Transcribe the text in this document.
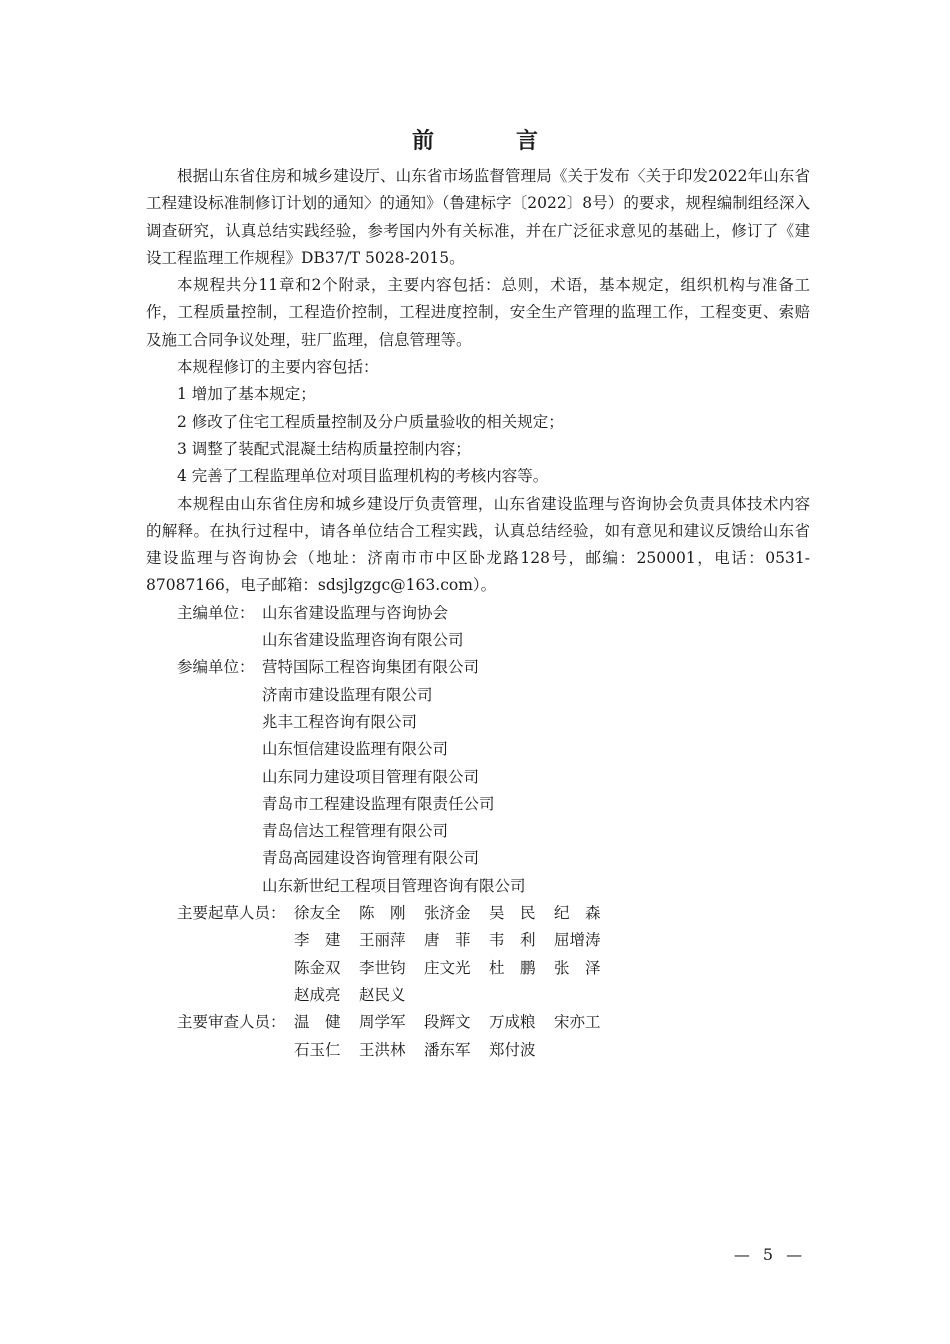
前　言

根据山东省住房和城乡建设厅、山东省市场监督管理局《关于发布〈关于印发2022年山东省工程建设标准制修订计划的通知〉的通知》（鲁建标字〔2022〕8号）的要求，规程编制组经深入调查研究，认真总结实践经验，参考国内外有关标准，并在广泛征求意见的基础上，修订了《建设工程监理工作规程》DB37/T 5028-2015。

本规程共分11章和2个附录，主要内容包括：总则，术语，基本规定，组织机构与准备工作，工程质量控制，工程造价控制，工程进度控制，安全生产管理的监理工作，工程变更、索赔及施工合同争议处理，驻厂监理，信息管理等。

本规程修订的主要内容包括：

1 增加了基本规定；

2 修改了住宅工程质量控制及分户质量验收的相关规定；

3 调整了装配式混凝土结构质量控制内容；

4 完善了工程监理单位对项目监理机构的考核内容等。

本规程由山东省住房和城乡建设厅负责管理，山东省建设监理与咨询协会负责具体技术内容的解释。在执行过程中，请各单位结合工程实践，认真总结经验，如有意见和建议反馈给山东省建设监理与咨询协会（地址：济南市市中区卧龙路128号，邮编：250001，电话：0531-87087166，电子邮箱：sdsjlgzgc@163.com）。

主编单位： 山东省建设监理与咨询协会

山东省建设监理咨询有限公司

参编单位： 营特国际工程咨询集团有限公司

济南市建设监理有限公司

兆丰工程咨询有限公司

山东恒信建设监理有限公司

山东同力建设项目管理有限公司

青岛市工程建设监理有限责任公司

青岛信达工程管理有限公司

青岛高园建设咨询管理有限公司

山东新世纪工程项目管理咨询有限公司

主要起草人员： 徐友全	陈　刚	张济金	吴　民	纪　森
李　建	王丽萍	唐　菲	韦　利	屈增涛
陈金双	李世钧	庄文光	杜　鹏	张　泽
赵成亮	赵民义
主要审查人员： 温　健	周学军	段辉文	万成粮	宋亦工
石玉仁	王洪林	潘东军	郑付波
— 5 —
